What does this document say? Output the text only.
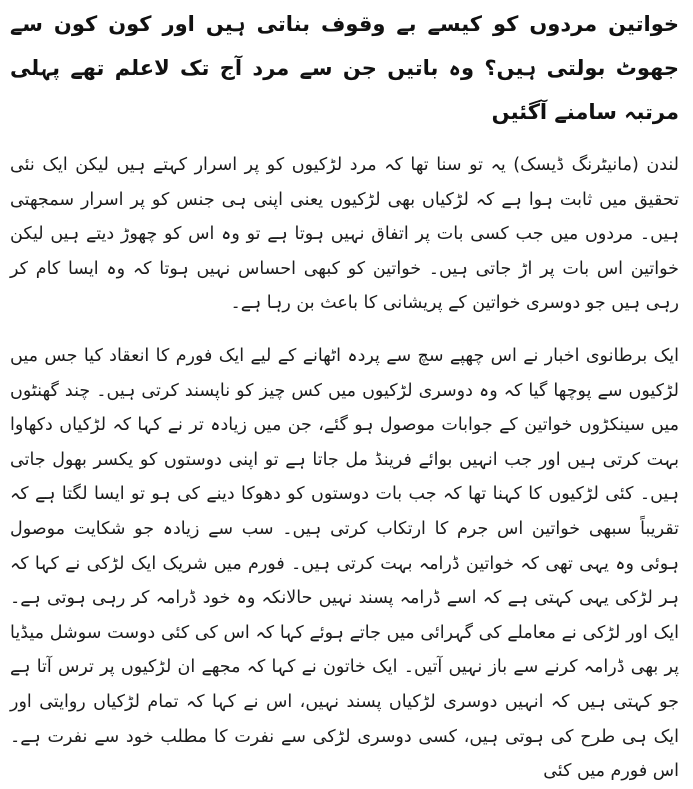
خواتین مردوں کو کیسے بے وقوف بناتی ہیں اور کون کون سے جھوٹ بولتی ہیں؟ وہ باتیں جن سے مرد آج تک لاعلم تھے پہلی مرتبہ سامنے آگئیں

لندن (مانیٹرنگ ڈیسک) یہ تو سنا تھا کہ مرد لڑکیوں کو پر اسرار کہتے ہیں لیکن ایک نئی تحقیق میں ثابت ہوا ہے کہ لڑکیاں بھی لڑکیوں یعنی اپنی ہی جنس کو پر اسرار سمجھتی ہیں۔ مردوں میں جب کسی بات پر اتفاق نہیں ہوتا ہے تو وہ اس کو چھوڑ دیتے ہیں لیکن خواتین اس بات پر اڑ جاتی ہیں۔ خواتین کو کبھی احساس نہیں ہوتا کہ وہ ایسا کام کر رہی ہیں جو دوسری خواتین کے پریشانی کا باعث بن رہا ہے۔

ایک برطانوی اخبار نے اس چھپے سچ سے پردہ اٹھانے کے لیے ایک فورم کا انعقاد کیا جس میں لڑکیوں سے پوچھا گیا کہ وہ دوسری لڑکیوں میں کس چیز کو ناپسند کرتی ہیں۔ چند گھنٹوں میں سینکڑوں خواتین کے جوابات موصول ہو گئے، جن میں زیادہ تر نے کہا کہ لڑکیاں دکھاوا بہت کرتی ہیں اور جب انہیں بوائے فرینڈ مل جاتا ہے تو اپنی دوستوں کو یکسر بھول جاتی ہیں۔ کئی لڑکیوں کا کہنا تھا کہ جب بات دوستوں کو دھوکا دینے کی ہو تو ایسا لگتا ہے کہ تقریباً سبھی خواتین اس جرم کا ارتکاب کرتی ہیں۔ سب سے زیادہ جو شکایت موصول ہوئی وہ یہی تھی کہ خواتین ڈرامہ بہت کرتی ہیں۔ فورم میں شریک ایک لڑکی نے کہا کہ ہر لڑکی یہی کہتی ہے کہ اسے ڈرامہ پسند نہیں حالانکہ وہ خود ڈرامہ کر رہی ہوتی ہے۔ ایک اور لڑکی نے معاملے کی گہرائی میں جاتے ہوئے کہا کہ اس کی کئی دوست سوشل میڈیا پر بھی ڈرامہ کرنے سے باز نہیں آتیں۔ ایک خاتون نے کہا کہ مجھے ان لڑکیوں پر ترس آتا ہے جو کہتی ہیں کہ انہیں دوسری لڑکیاں پسند نہیں، اس نے کہا کہ تمام لڑکیاں روایتی اور ایک ہی طرح کی ہوتی ہیں، کسی دوسری لڑکی سے نفرت کا مطلب خود سے نفرت ہے۔ اس فورم میں کئی
